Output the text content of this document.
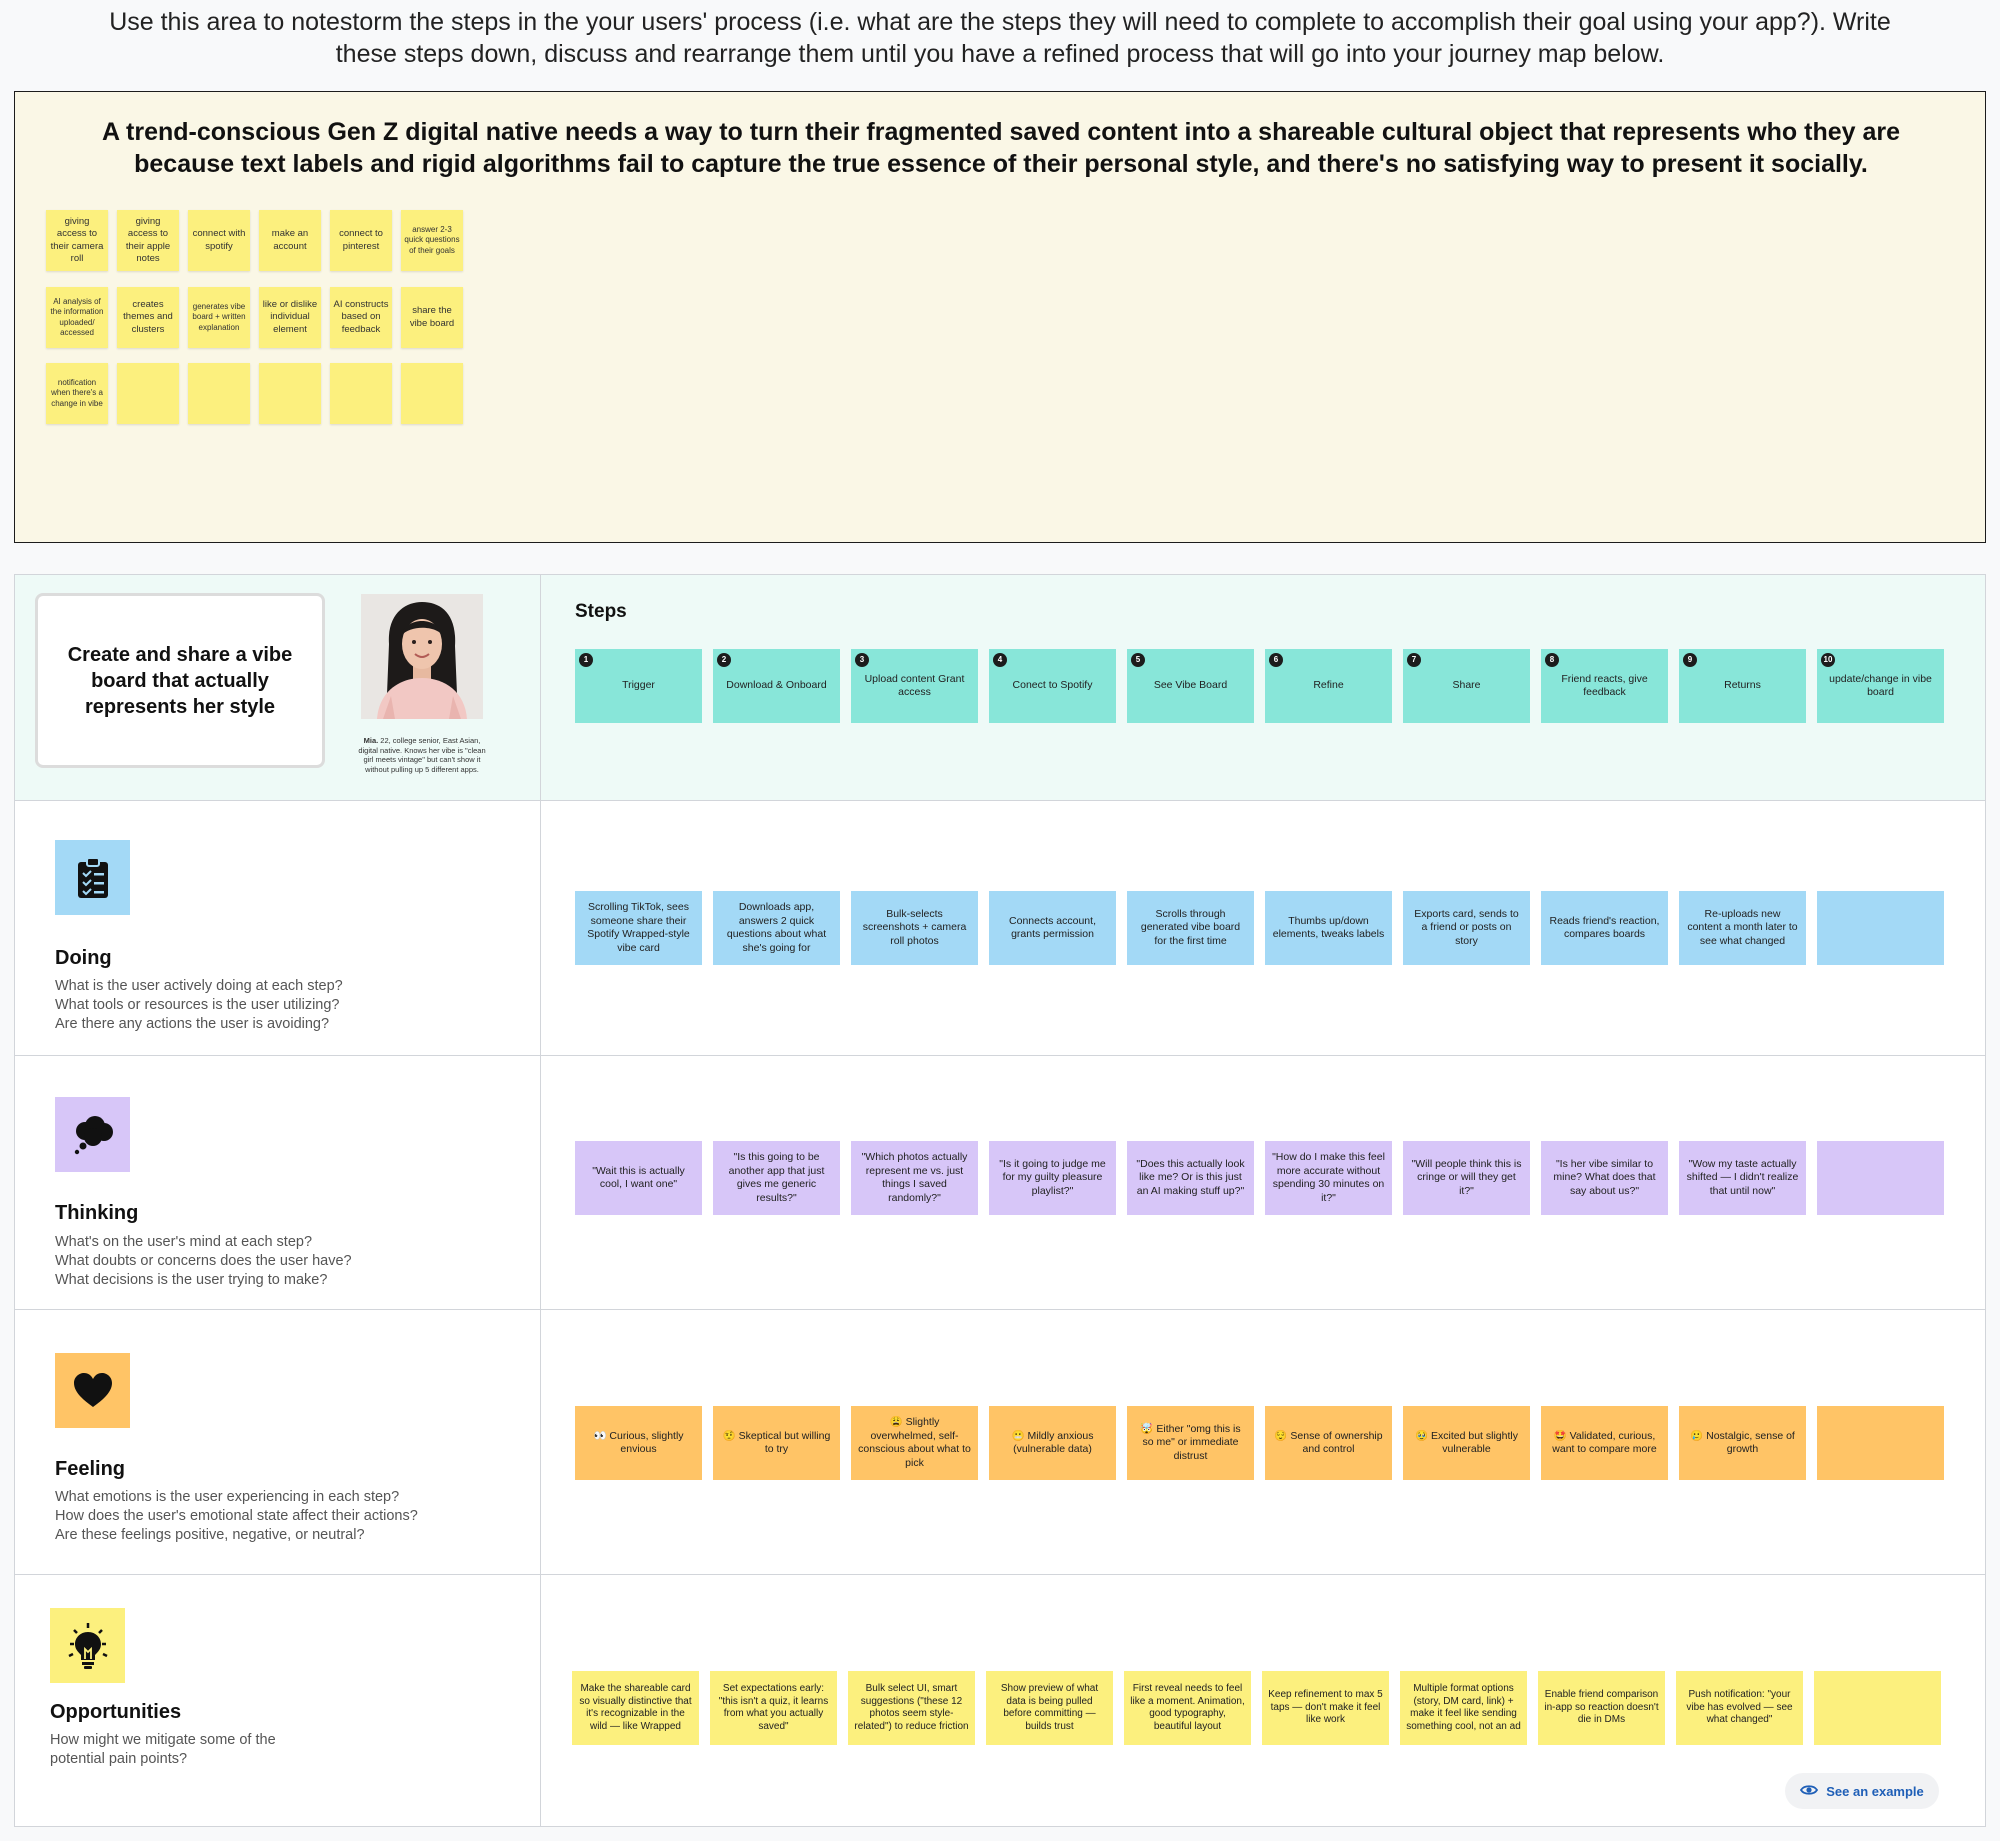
Use this area to notestorm the steps in the your users' process (i.e. what are the steps they will need to complete to accomplish their goal using your app?). Write
these steps down, discuss and rearrange them until you have a refined process that will go into your journey map below.
A trend-conscious Gen Z digital native needs a way to turn their fragmented saved content into a shareable cultural object that represents who they are
because text labels and rigid algorithms fail to capture the true essence of their personal style, and there's no satisfying way to present it socially.
giving access to their camera roll
giving access to their apple notes
connect with spotify
make an account
connect to pinterest
answer 2-3 quick questions of their goals
AI analysis of the information uploaded/ accessed
creates themes and clusters
generates vibe board + written explanation
like or dislike individual element
AI constructs based on feedback
share the vibe board
notification when there's a change in vibe
Create and share a vibe board that actually represents her style
Mia. 22, college senior, East Asian, digital native. Knows her vibe is "clean girl meets vintage" but can't show it without pulling up 5 different apps.
Steps
1
Trigger
2
Download & Onboard
3
Upload content Grant access
4
Conect to Spotify
5
See Vibe Board
6
Refine
7
Share
8
Friend reacts, give feedback
9
Returns
10
update/change in vibe board
Doing
What is the user actively doing at each step?
What tools or resources is the user utilizing?
Are there any actions the user is avoiding?
Thinking
What's on the user's mind at each step?
What doubts or concerns does the user have?
What decisions is the user trying to make?
Feeling
What emotions is the user experiencing in each step?
How does the user's emotional state affect their actions?
Are these feelings positive, negative, or neutral?
Opportunities
How might we mitigate some of the
potential pain points?
Scrolling TikTok, sees someone share their Spotify Wrapped-style vibe card
Downloads app, answers 2 quick questions about what she's going for
Bulk-selects screenshots + camera roll photos
Connects account, grants permission
Scrolls through generated vibe board for the first time
Thumbs up/down elements, tweaks labels
Exports card, sends to a friend or posts on story
Reads friend's reaction, compares boards
Re-uploads new content a month later to see what changed
"Wait this is actually cool, I want one"
"Is this going to be another app that just gives me generic results?"
"Which photos actually represent me vs. just things I saved randomly?"
"Is it going to judge me for my guilty pleasure playlist?"
"Does this actually look like me? Or is this just an AI making stuff up?"
"How do I make this feel more accurate without spending 30 minutes on it?"
"Will people think this is cringe or will they get it?"
"Is her vibe similar to mine? What does that say about us?"
"Wow my taste actually shifted — I didn't realize that until now"
👀 Curious, slightly envious
🤨 Skeptical but willing to try
😩 Slightly overwhelmed, self-conscious about what to pick
😬 Mildly anxious (vulnerable data)
🤯 Either "omg this is so me" or immediate distrust
😌 Sense of ownership and control
🥹 Excited but slightly vulnerable
🤩 Validated, curious, want to compare more
🥲 Nostalgic, sense of growth
Make the shareable card so visually distinctive that it's recognizable in the wild — like Wrapped
Set expectations early: "this isn't a quiz, it learns from what you actually saved"
Bulk select UI, smart suggestions ("these 12 photos seem style-related") to reduce friction
Show preview of what data is being pulled before committing — builds trust
First reveal needs to feel like a moment. Animation, good typography, beautiful layout
Keep refinement to max 5 taps — don't make it feel like work
Multiple format options (story, DM card, link) + make it feel like sending something cool, not an ad
Enable friend comparison in-app so reaction doesn't die in DMs
Push notification: "your vibe has evolved — see what changed"
See an example
